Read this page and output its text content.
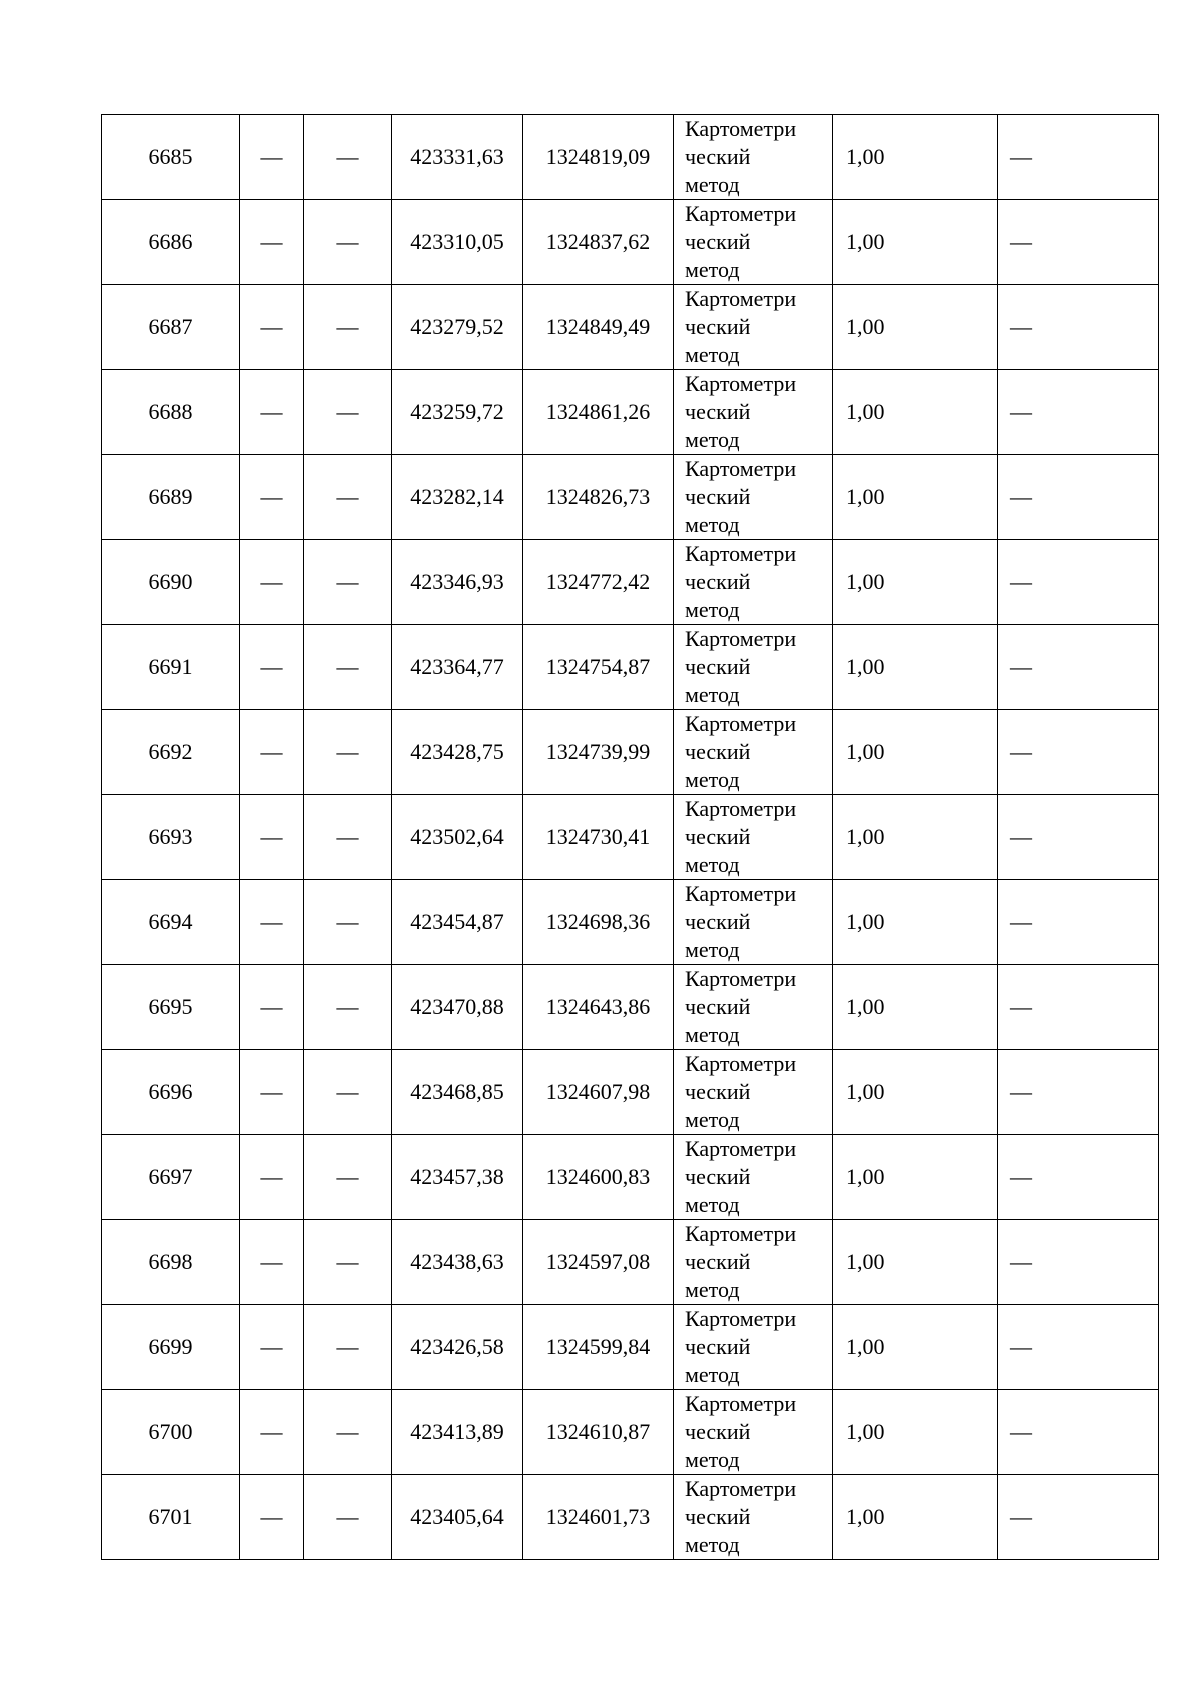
6685	—	—	423331,63	1324819,09	Картометри
ческий
метод	1,00	—
6686	—	—	423310,05	1324837,62	Картометри
ческий
метод	1,00	—
6687	—	—	423279,52	1324849,49	Картометри
ческий
метод	1,00	—
6688	—	—	423259,72	1324861,26	Картометри
ческий
метод	1,00	—
6689	—	—	423282,14	1324826,73	Картометри
ческий
метод	1,00	—
6690	—	—	423346,93	1324772,42	Картометри
ческий
метод	1,00	—
6691	—	—	423364,77	1324754,87	Картометри
ческий
метод	1,00	—
6692	—	—	423428,75	1324739,99	Картометри
ческий
метод	1,00	—
6693	—	—	423502,64	1324730,41	Картометри
ческий
метод	1,00	—
6694	—	—	423454,87	1324698,36	Картометри
ческий
метод	1,00	—
6695	—	—	423470,88	1324643,86	Картометри
ческий
метод	1,00	—
6696	—	—	423468,85	1324607,98	Картометри
ческий
метод	1,00	—
6697	—	—	423457,38	1324600,83	Картометри
ческий
метод	1,00	—
6698	—	—	423438,63	1324597,08	Картометри
ческий
метод	1,00	—
6699	—	—	423426,58	1324599,84	Картометри
ческий
метод	1,00	—
6700	—	—	423413,89	1324610,87	Картометри
ческий
метод	1,00	—
6701	—	—	423405,64	1324601,73	Картометри
ческий
метод	1,00	—
